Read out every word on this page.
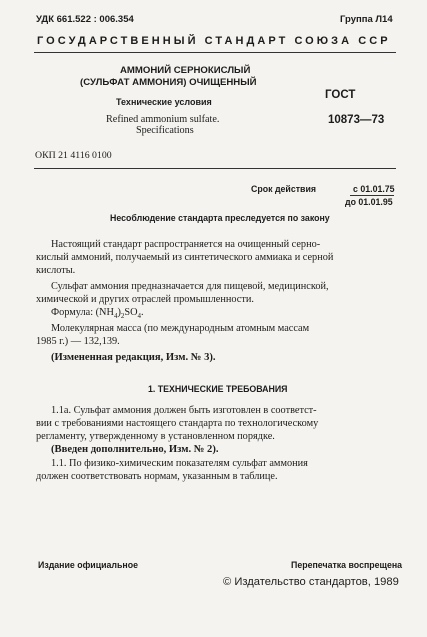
УДК 661.522 : 006.354	Группа Л14
ГОСУДАРСТВЕННЫЙ СТАНДАРТ СОЮЗА ССР
АММОНИЙ СЕРНОКИСЛЫЙ
(СУЛЬФАТ АММОНИЯ) ОЧИЩЕННЫЙ
Технические условия
Refined ammonium sulfate.
Specifications
ГОСТ
10873—73
ОКП 21 4116 0100
Срок действия	с 01.01.75
до 01.01.95
Несоблюдение стандарта преследуется по закону

Настоящий стандарт распространяется на очищенный серно-

кислый аммоний, получаемый из синтетического аммиака и серной

кислоты.

Сульфат аммония предназначается для пищевой, медицинской,

химической и других отраслей промышленности.

Формула: $(NH_4)_2SO_4$.

Молекулярная масса (по международным атомным массам

1985 г.) — 132,139.

(Измененная редакция, Изм. № 3).

1. ТЕХНИЧЕСКИЕ ТРЕБОВАНИЯ

1.1а. Сульфат аммония должен быть изготовлен в соответст-

вии с требованиями настоящего стандарта по технологическому

регламенту, утвержденному в установленном порядке.

(Введен дополнительно, Изм. № 2).

1.1. По физико-химическим показателям сульфат аммония

должен соответствовать нормам, указанным в таблице.

Издание официальное	Перепечатка воспрещена
© Издательство стандартов, 1989
